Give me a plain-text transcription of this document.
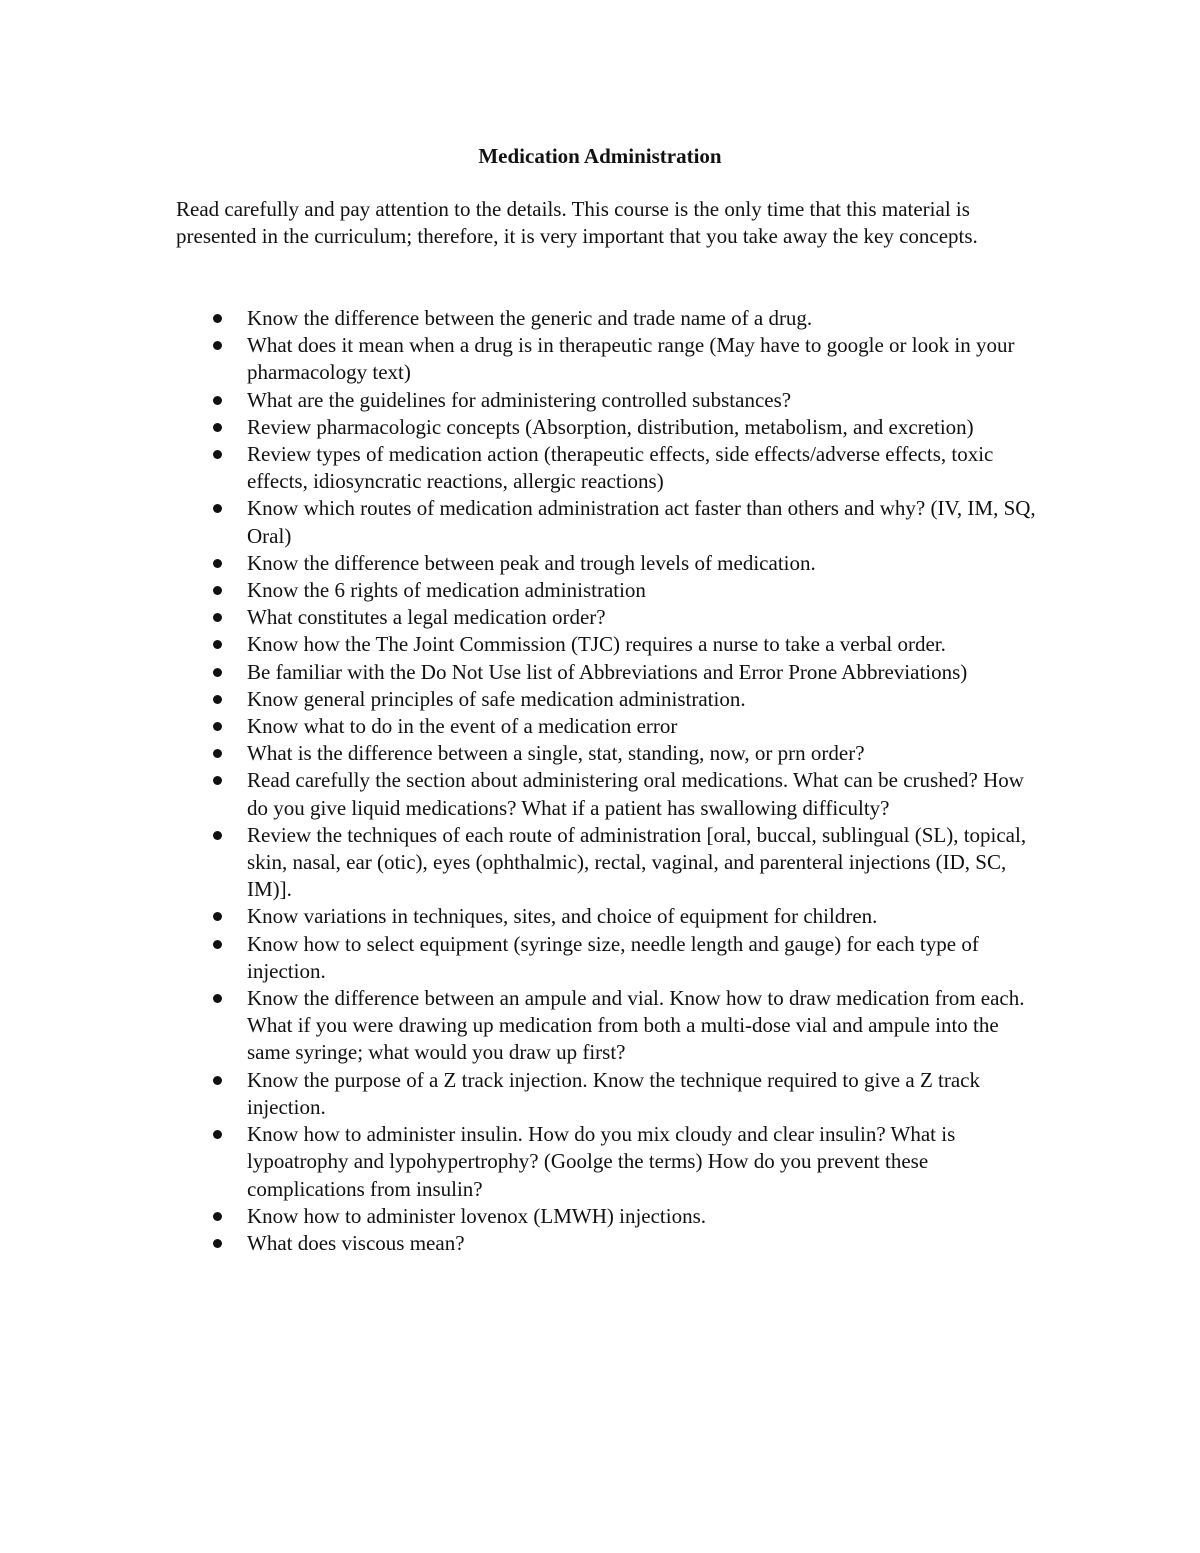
Medication Administration

Read carefully and pay attention to the details. This course is the only time that this material is presented in the curriculum; therefore, it is very important that you take away the key concepts.

Know the difference between the generic and trade name of a drug.
What does it mean when a drug is in therapeutic range (May have to google or look in your pharmacology text)
What are the guidelines for administering controlled substances?
Review pharmacologic concepts (Absorption, distribution, metabolism, and excretion)
Review types of medication action (therapeutic effects, side effects/adverse effects, toxic effects, idiosyncratic reactions, allergic reactions)
Know which routes of medication administration act faster than others and why? (IV, IM, SQ, Oral)
Know the difference between peak and trough levels of medication.
Know the 6 rights of medication administration
What constitutes a legal medication order?
Know how the The Joint Commission (TJC) requires a nurse to take a verbal order.
Be familiar with the Do Not Use list of Abbreviations and Error Prone Abbreviations)
Know general principles of safe medication administration.
Know what to do in the event of a medication error
What is the difference between a single, stat, standing, now, or prn order?
Read carefully the section about administering oral medications. What can be crushed? How do you give liquid medications? What if a patient has swallowing difficulty?
Review the techniques of each route of administration [oral, buccal, sublingual (SL), topical, skin, nasal, ear (otic), eyes (ophthalmic), rectal, vaginal, and parenteral injections (ID, SC, IM)].
Know variations in techniques, sites, and choice of equipment for children.
Know how to select equipment (syringe size, needle length and gauge) for each type of injection.
Know the difference between an ampule and vial. Know how to draw medication from each. What if you were drawing up medication from both a multi-dose vial and ampule into the same syringe; what would you draw up first?
Know the purpose of a Z track injection. Know the technique required to give a Z track injection.
Know how to administer insulin. How do you mix cloudy and clear insulin? What is lypoatrophy and lypohypertrophy? (Goolge the terms) How do you prevent these complications from insulin?
Know how to administer lovenox (LMWH) injections.
What does viscous mean?
